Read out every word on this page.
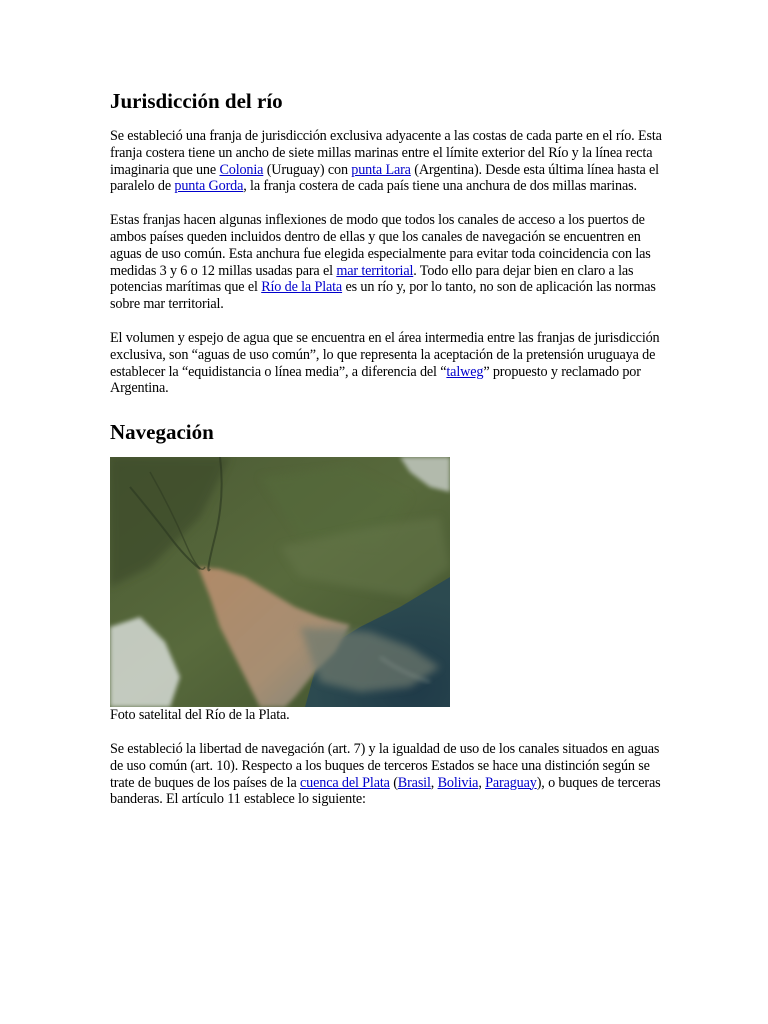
Jurisdicción del río

Se estableció una franja de jurisdicción exclusiva adyacente a las costas de cada parte en el río. Esta franja costera tiene un ancho de siete millas marinas entre el límite exterior del Río y la línea recta imaginaria que une Colonia (Uruguay) con punta Lara (Argentina). Desde esta última línea hasta el paralelo de punta Gorda, la franja costera de cada país tiene una anchura de dos millas marinas.

Estas franjas hacen algunas inflexiones de modo que todos los canales de acceso a los puertos de ambos países queden incluidos dentro de ellas y que los canales de navegación se encuentren en aguas de uso común. Esta anchura fue elegida especialmente para evitar toda coincidencia con las medidas 3 y 6 o 12 millas usadas para el mar territorial. Todo ello para dejar bien en claro a las potencias marítimas que el Río de la Plata es un río y, por lo tanto, no son de aplicación las normas sobre mar territorial.

El volumen y espejo de agua que se encuentra en el área intermedia entre las franjas de jurisdicción exclusiva, son “aguas de uso común”, lo que representa la aceptación de la pretensión uruguaya de establecer la “equidistancia o línea media”, a diferencia del “talweg” propuesto y reclamado por Argentina.

Navegación
Foto satelital del Río de la Plata.

Se estableció la libertad de navegación (art. 7) y la igualdad de uso de los canales situados en aguas de uso común (art. 10). Respecto a los buques de terceros Estados se hace una distinción según se trate de buques de los países de la cuenca del Plata (Brasil, Bolivia, Paraguay), o buques de terceras banderas. El artículo 11 establece lo siguiente:
